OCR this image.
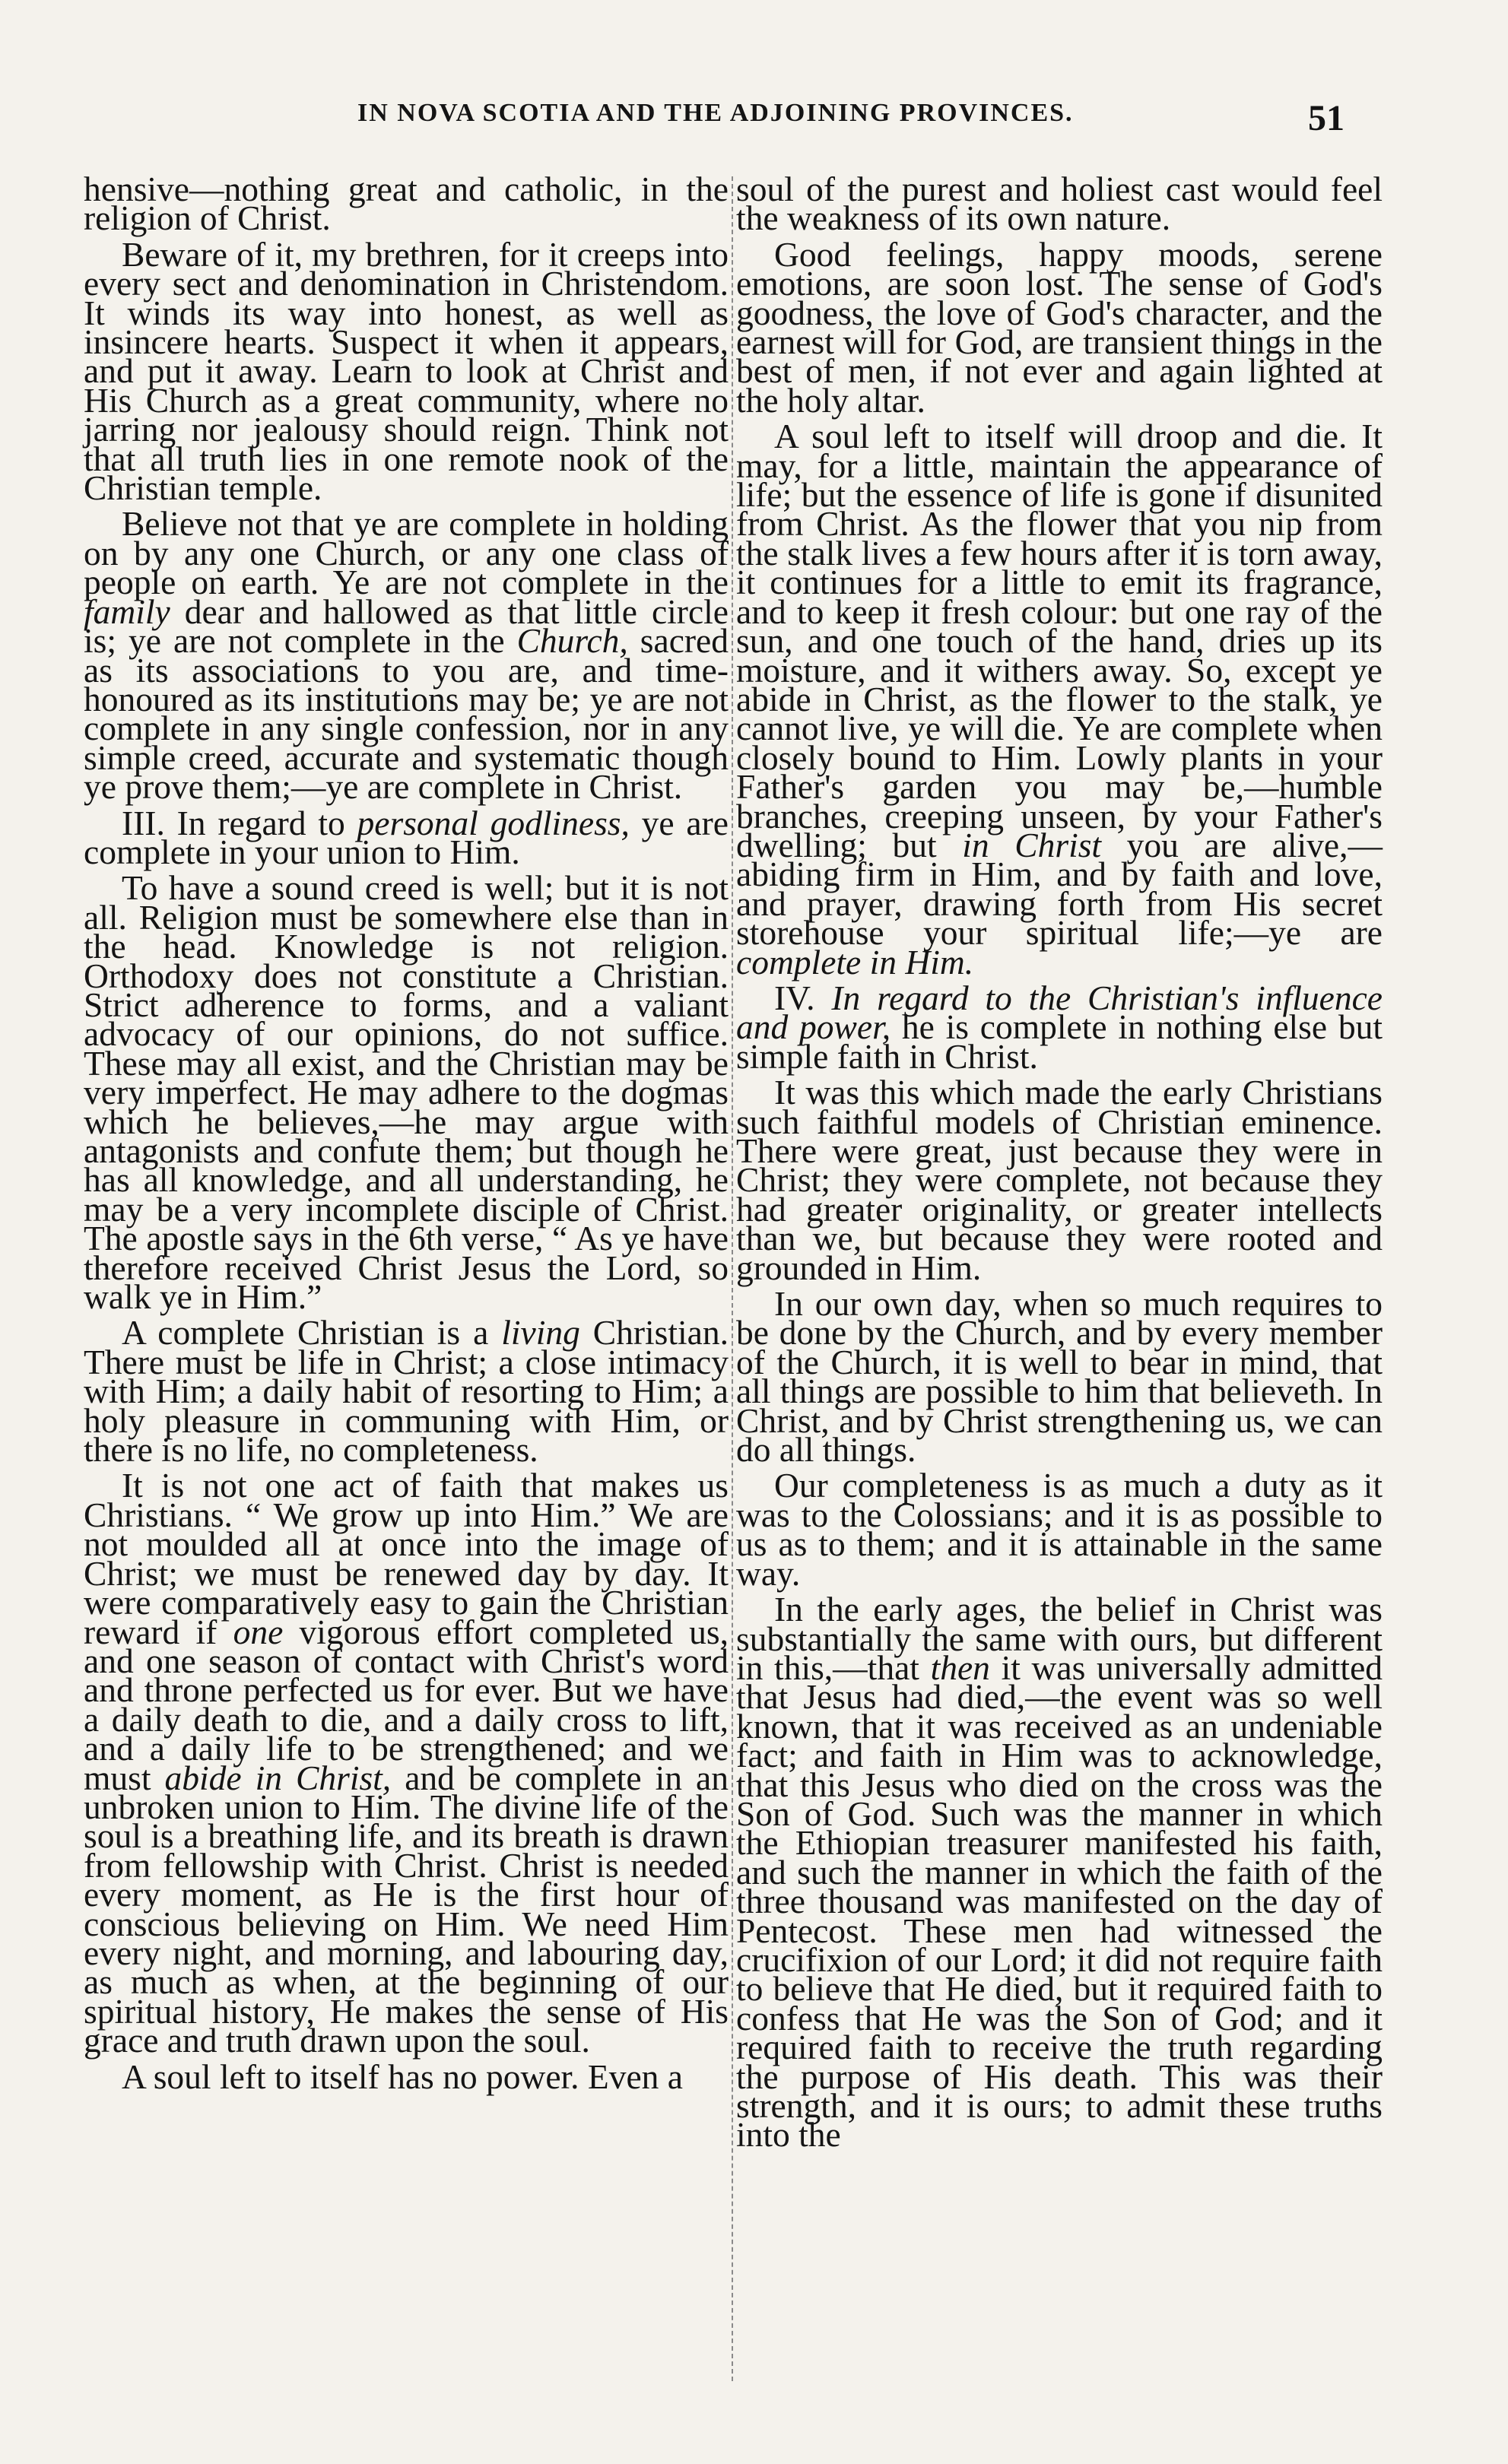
IN NOVA SCOTIA AND THE ADJOINING PROVINCES.	51

hensive—nothing great and catholic, in the religion of Christ.

Beware of it, my brethren, for it creeps into every sect and denomination in Christendom. It winds its way into honest, as well as insincere hearts. Suspect it when it appears, and put it away. Learn to look at Christ and His Church as a great community, where no jarring nor jealousy should reign. Think not that all truth lies in one remote nook of the Christian temple.

Believe not that ye are complete in holding on by any one Church, or any one class of people on earth. Ye are not complete in the family dear and hallowed as that little circle is; ye are not complete in the Church, sacred as its associations to you are, and time-honoured as its institutions may be; ye are not complete in any single confession, nor in any simple creed, accurate and systematic though ye prove them;—ye are complete in Christ.

III. In regard to personal godliness, ye are complete in your union to Him.

To have a sound creed is well; but it is not all. Religion must be somewhere else than in the head. Knowledge is not religion. Orthodoxy does not constitute a Christian. Strict adherence to forms, and a valiant advocacy of our opinions, do not suffice. These may all exist, and the Christian may be very imperfect. He may adhere to the dogmas which he believes,—he may argue with antagonists and confute them; but though he has all knowledge, and all understanding, he may be a very incomplete disciple of Christ. The apostle says in the 6th verse, “ As ye have therefore received Christ Jesus the Lord, so walk ye in Him.”

A complete Christian is a living Christian. There must be life in Christ; a close intimacy with Him; a daily habit of resorting to Him; a holy pleasure in communing with Him, or there is no life, no completeness.

It is not one act of faith that makes us Christians. “ We grow up into Him.” We are not moulded all at once into the image of Christ; we must be renewed day by day. It were comparatively easy to gain the Christian reward if one vigorous effort completed us, and one season of contact with Christ's word and throne perfected us for ever. But we have a daily death to die, and a daily cross to lift, and a daily life to be strengthened; and we must abide in Christ, and be complete in an unbroken union to Him. The divine life of the soul is a breathing life, and its breath is drawn from fellowship with Christ. Christ is needed every moment, as He is the first hour of conscious believing on Him. We need Him every night, and morning, and labouring day, as much as when, at the beginning of our spiritual history, He makes the sense of His grace and truth drawn upon the soul.

A soul left to itself has no power. Even a

soul of the purest and holiest cast would feel the weakness of its own nature.

Good feelings, happy moods, serene emotions, are soon lost. The sense of God's goodness, the love of God's character, and the earnest will for God, are transient things in the best of men, if not ever and again lighted at the holy altar.

A soul left to itself will droop and die. It may, for a little, maintain the appearance of life; but the essence of life is gone if disunited from Christ. As the flower that you nip from the stalk lives a few hours after it is torn away, it continues for a little to emit its fragrance, and to keep it fresh colour: but one ray of the sun, and one touch of the hand, dries up its moisture, and it withers away. So, except ye abide in Christ, as the flower to the stalk, ye cannot live, ye will die. Ye are complete when closely bound to Him. Lowly plants in your Father's garden you may be,—humble branches, creeping unseen, by your Father's dwelling; but in Christ you are alive,—abiding firm in Him, and by faith and love, and prayer, drawing forth from His secret storehouse your spiritual life;—ye are complete in Him.

IV. In regard to the Christian's influence and power, he is complete in nothing else but simple faith in Christ.

It was this which made the early Christians such faithful models of Christian eminence. There were great, just because they were in Christ; they were complete, not because they had greater originality, or greater intellects than we, but because they were rooted and grounded in Him.

In our own day, when so much requires to be done by the Church, and by every member of the Church, it is well to bear in mind, that all things are possible to him that believeth. In Christ, and by Christ strengthening us, we can do all things.

Our completeness is as much a duty as it was to the Colossians; and it is as possible to us as to them; and it is attainable in the same way.

In the early ages, the belief in Christ was substantially the same with ours, but different in this,—that then it was universally admitted that Jesus had died,—the event was so well known, that it was received as an undeniable fact; and faith in Him was to acknowledge, that this Jesus who died on the cross was the Son of God. Such was the manner in which the Ethiopian treasurer manifested his faith, and such the manner in which the faith of the three thousand was manifested on the day of Pentecost. These men had witnessed the crucifixion of our Lord; it did not require faith to believe that He died, but it required faith to confess that He was the Son of God; and it required faith to receive the truth regarding the purpose of His death. This was their strength, and it is ours; to admit these truths into the
